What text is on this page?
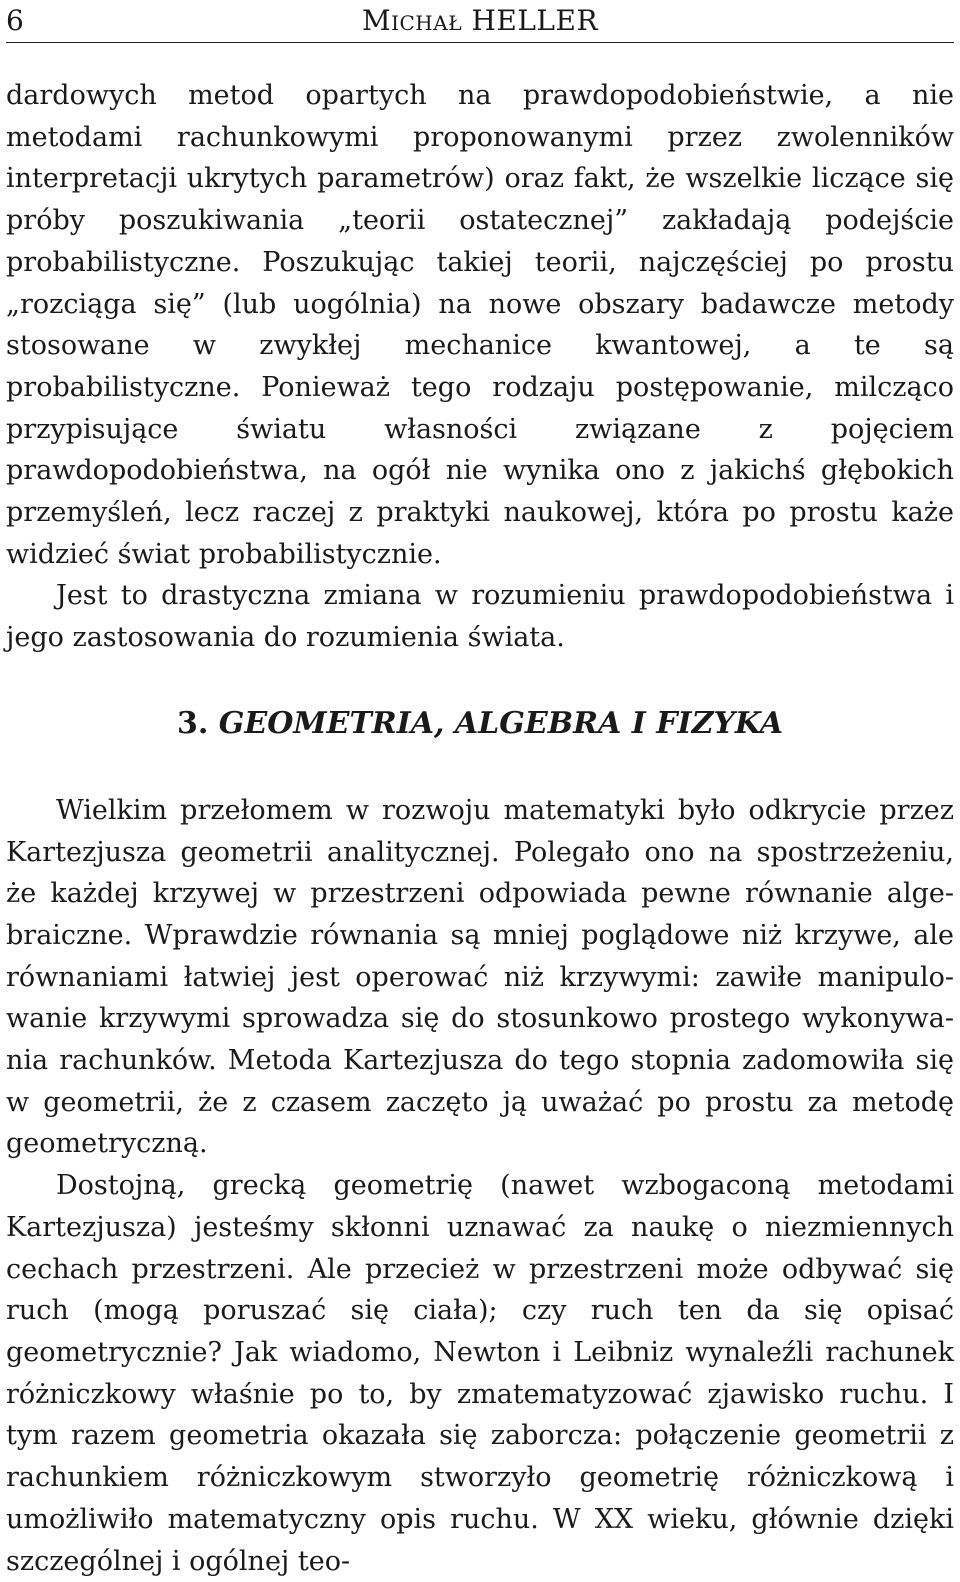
6	Michał HELLER

dardowych metod opartych na prawdopodobieństwie, a nie metodami rachunkowymi proponowanymi przez zwolenników interpretacji ukrytych parametrów) oraz fakt, że wszelkie liczące się próby poszukiwania „teorii ostatecznej” zakładają podejście probabilistyczne. Poszukując takiej teorii, najczęściej po prostu „rozciąga się” (lub uogólnia) na nowe obszary badawcze metody stosowane w zwykłej mechanice kwantowej, a te są probabilistyczne. Ponieważ tego rodzaju postępowanie, milcząco przypisujące światu własności związane z pojęciem prawdopodobieństwa, na ogół nie wynika ono z jakichś głębokich przemyśleń, lecz raczej z praktyki naukowej, która po prostu każe widzieć świat probabilistycznie.

Jest to drastyczna zmiana w rozumieniu prawdopodobieństwa i jego zastosowania do rozumienia świata.

3. GEOMETRIA, ALGEBRA I FIZYKA

Wielkim przełomem w rozwoju matematyki było odkrycie przez Kartezjusza geometrii analitycznej. Polegało ono na spostrzeżeniu, że każdej krzywej w przestrzeni odpowiada pewne równanie algebraiczne. Wprawdzie równania są mniej poglądowe niż krzywe, ale równaniami łatwiej jest operować niż krzywymi: zawiłe manipulowanie krzywymi sprowadza się do stosunkowo prostego wykonywania rachunków. Metoda Kartezjusza do tego stopnia zadomowiła się w geometrii, że z czasem zaczęto ją uważać po prostu za metodę geometryczną.

Dostojną, grecką geometrię (nawet wzbogaconą metodami Kartezjusza) jesteśmy skłonni uznawać za naukę o niezmiennych cechach przestrzeni. Ale przecież w przestrzeni może odbywać się ruch (mogą poruszać się ciała); czy ruch ten da się opisać geometrycznie? Jak wiadomo, Newton i Leibniz wynaleźli rachunek różniczkowy właśnie po to, by zmatematyzować zjawisko ruchu. I tym razem geometria okazała się zaborcza: połączenie geometrii z rachunkiem różniczkowym stworzyło geometrię różniczkową i umożliwiło matematyczny opis ruchu. W XX wieku, głównie dzięki szczególnej i ogólnej teo-
